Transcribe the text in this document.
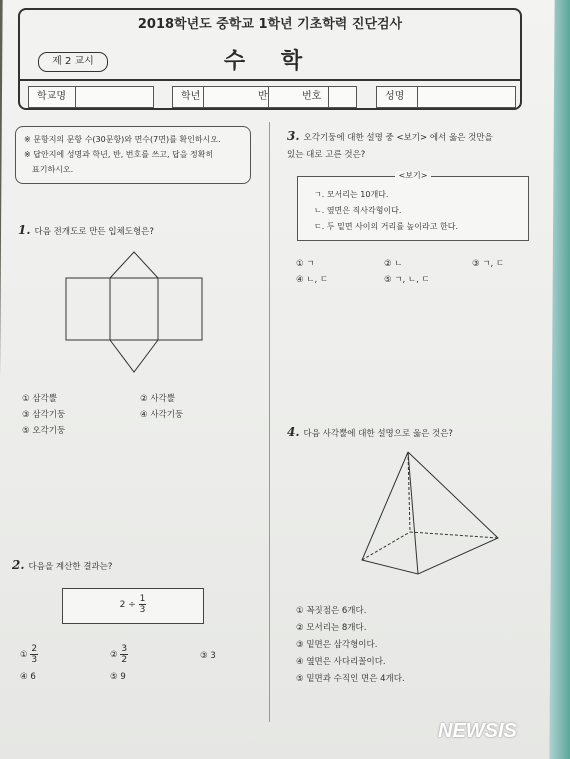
2018학년도 중학교 1학년 기초학력 진단검사
제 2 교시	수 학
학교명	학년	반	번호	성명
※ 문항지의 문항 수(30문항)와 면수(7면)를 확인하시오.
※ 답안지에 성명과 학년, 반, 번호를 쓰고, 답을 정확히
표기하시오.
1. 다음 전개도로 만든 입체도형은?
① 삼각뿔	② 사각뿔
③ 삼각기둥	④ 사각기둥
⑤ 오각기둥
2. 다음을 계산한 결과는?
$2 \div \frac{1}{3}$
① $\frac{2}{3}$	② $\frac{3}{2}$	③ 3
④ 6	⑤ 9
3. 오각기둥에 대한 설명 중 <보기> 에서 옳은 것만을
있는 대로 고른 것은?
<보기>
ㄱ. 모서리는 10개다.
ㄴ. 옆면은 직사각형이다.
ㄷ. 두 밑면 사이의 거리를 높이라고 한다.
① ㄱ	② ㄴ	③ ㄱ, ㄷ
④ ㄴ, ㄷ	⑤ ㄱ, ㄴ, ㄷ
4. 다음 사각뿔에 대한 설명으로 옳은 것은?
① 꼭짓점은 6개다.
② 모서리는 8개다.
③ 밑면은 삼각형이다.
④ 옆면은 사다리꼴이다.
⑤ 밑면과 수직인 면은 4개다.
NEWSIS
